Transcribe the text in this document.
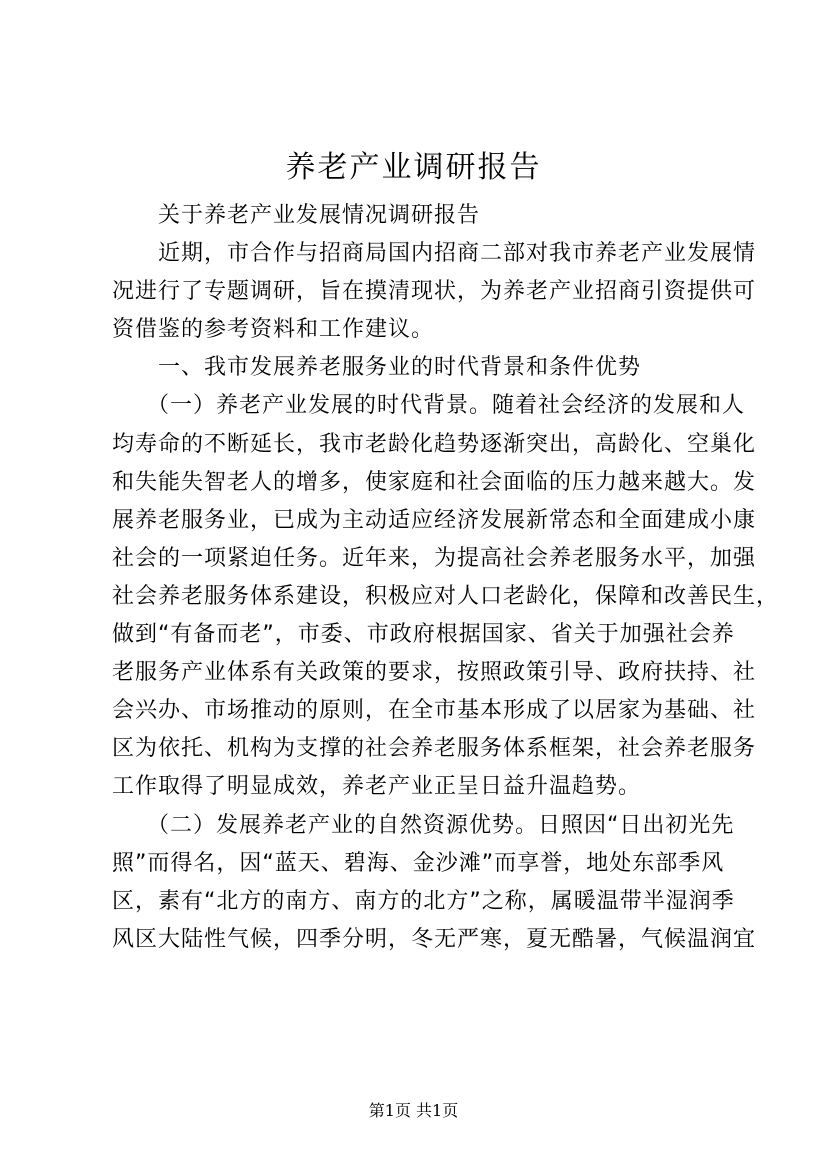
养老产业调研报告
　　关于养老产业发展情况调研报告
　　近期，市合作与招商局国内招商二部对我市养老产业发展情
况进行了专题调研，旨在摸清现状，为养老产业招商引资提供可
资借鉴的参考资料和工作建议。
　　一、我市发展养老服务业的时代背景和条件优势
　　（一）养老产业发展的时代背景。随着社会经济的发展和人
均寿命的不断延长，我市老龄化趋势逐渐突出，高龄化、空巢化
和失能失智老人的增多，使家庭和社会面临的压力越来越大。发
展养老服务业，已成为主动适应经济发展新常态和全面建成小康
社会的一项紧迫任务。近年来，为提高社会养老服务水平，加强
社会养老服务体系建设，积极应对人口老龄化，保障和改善民生，
做到“有备而老”，市委、市政府根据国家、省关于加强社会养
老服务产业体系有关政策的要求，按照政策引导、政府扶持、社
会兴办、市场推动的原则，在全市基本形成了以居家为基础、社
区为依托、机构为支撑的社会养老服务体系框架，社会养老服务
工作取得了明显成效，养老产业正呈日益升温趋势。
　　（二）发展养老产业的自然资源优势。日照因“日出初光先
照”而得名，因“蓝天、碧海、金沙滩”而享誉，地处东部季风
区，素有“北方的南方、南方的北方”之称，属暖温带半湿润季
风区大陆性气候，四季分明，冬无严寒，夏无酷暑，气候温润宜
第1页 共1页
